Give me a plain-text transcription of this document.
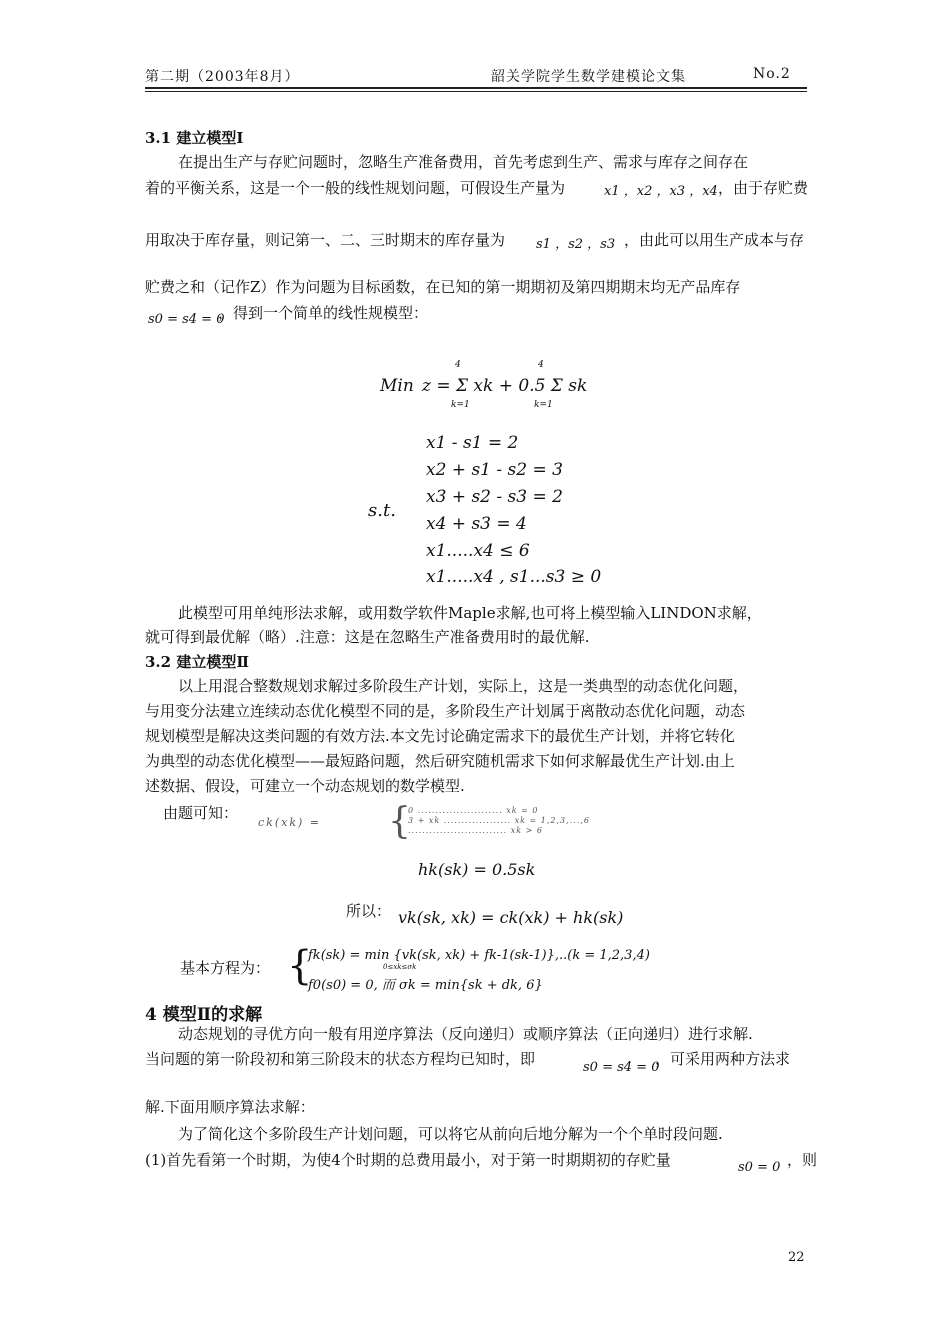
第二期（2003年8月）	韶关学院学生数学建模论文集	No.2
3.1 建立模型Ⅰ
在提出生产与存贮问题时，忽略生产准备费用，首先考虑到生产、需求与库存之间存在
着的平衡关系，这是一个一般的线性规划问题，可假设生产量为	x1 ，x2 ，x3 ，x4 ，由于存贮费
用取决于库存量，则记第一、二、三时期末的库存量为 s1 ，s2 ，s3 ，由此可以用生产成本与存
贮费之和（记作Z）作为问题为目标函数，在已知的第一期期初及第四期期末均无产品库存
s0 = s4 = 0
，得到一个简单的线性规模型：
Min z = Σ xk + 0.5 Σ sk
4	4
k=1	k=1
s.t.
x1 - s1 = 2
x2 + s1 - s2 = 3
x3 + s2 - s3 = 2
x4 + s3 = 4
x1.....x4 ≤ 6
x1.....x4 , s1...s3 ≥ 0
此模型可用单纯形法求解，或用数学软件Maple求解,也可将上模型输入LINDON求解，
就可得到最优解（略）.注意：这是在忽略生产准备费用时的最优解.
3.2 建立模型Ⅱ
以上用混合整数规划求解过多阶段生产计划，实际上，这是一类典型的动态优化问题，
与用变分法建立连续动态优化模型不同的是，多阶段生产计划属于离散动态优化问题，动态
规划模型是解决这类问题的有效方法.本文先讨论确定需求下的最优生产计划，并将它转化
为典型的动态优化模型——最短路问题，然后研究随机需求下如何求解最优生产计划.由上
述数据、假设，可建立一个动态规划的数学模型.
由题可知：
ck(xk) = {
0 ........................ xk = 0
3 + xk ................... xk = 1,2,3,...,6
............................ xk > 6
hk(sk) = 0.5sk
所以： vk(sk, xk) = ck(xk) + hk(sk)
基本方程为： {
fk(sk) = min {vk(sk, xk) + fk-1(sk-1)},..(k = 1,2,3,4)
0≤xk≤σk
f0(s0) = 0, 而 σk = min{sk + dk, 6}
4 模型Ⅱ的求解
动态规划的寻优方向一般有用逆序算法（反向递归）或顺序算法（正向递归）进行求解.
当问题的第一阶段初和第三阶段末的状态方程均已知时，即	s0 = s4 = 0
，可采用两种方法求
解.下面用顺序算法求解：
为了简化这个多阶段生产计划问题，可以将它从前向后地分解为一个个单时段问题.
(1)首先看第一个时期，为使4个时期的总费用最小，对于第一时期期初的存贮量	s0 = 0 ，则
22
